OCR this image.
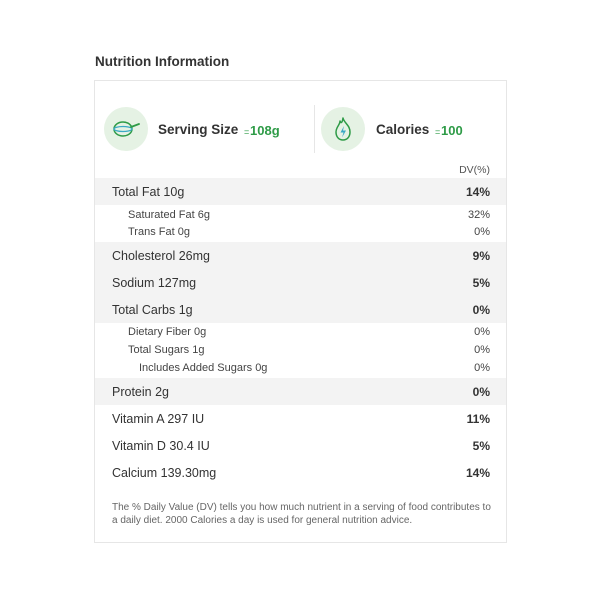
Nutrition Information
Serving Size = 108g	Calories = 100
DV(%)
Total Fat 10g	14%
Saturated Fat 6g	32%
Trans Fat 0g	0%
Cholesterol 26mg	9%
Sodium 127mg	5%
Total Carbs 1g	0%
Dietary Fiber 0g	0%
Total Sugars 1g	0%
Includes Added Sugars 0g	0%
Protein 2g	0%
Vitamin A 297 IU	11%
Vitamin D 30.4 IU	5%
Calcium 139.30mg	14%
The % Daily Value (DV) tells you how much nutrient in a serving of food contributes to a daily diet. 2000 Calories a day is used for general nutrition advice.
